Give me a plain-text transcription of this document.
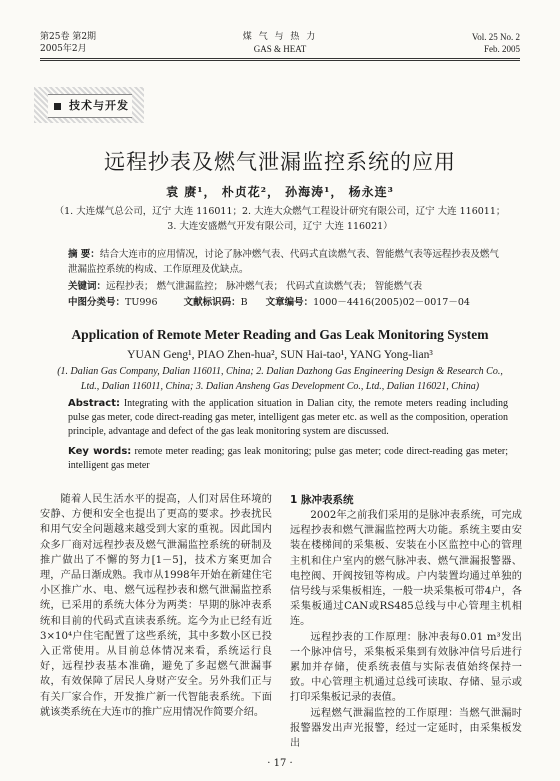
第25卷 第2期
2005年2月
煤 气 与 热 力
GAS & HEAT
Vol. 25 No. 2
Feb. 2005
技术与开发
远程抄表及燃气泄漏监控系统的应用
袁 赓¹， 朴贞花²， 孙海涛¹， 杨永连³
（1. 大连煤气总公司，辽宁 大连 116011；2. 大连大众燃气工程设计研究有限公司，辽宁 大连 116011；
3. 大连安盛燃气开发有限公司，辽宁 大连 116021）
摘 要：结合大连市的应用情况，讨论了脉冲燃气表、代码式直读燃气表、智能燃气表等远程抄表及燃气泄漏监控系统的构成、工作原理及优缺点。
关键词：远程抄表； 燃气泄漏监控； 脉冲燃气表； 代码式直读燃气表； 智能燃气表
中图分类号：TU996	文献标识码：B 文章编号：1000－4416(2005)02－0017－04
Application of Remote Meter Reading and Gas Leak Monitoring System
YUAN Geng¹, PIAO Zhen-hua², SUN Hai-tao¹, YANG Yong-lian³
(1. Dalian Gas Company, Dalian 116011, China; 2. Dalian Dazhong Gas Engineering Design & Research Co.,
Ltd., Dalian 116011, China; 3. Dalian Ansheng Gas Development Co., Ltd., Dalian 116021, China)
Abstract: Integrating with the application situation in Dalian city, the remote meters reading including pulse gas meter, code direct-reading gas meter, intelligent gas meter etc. as well as the composition, operation principle, advantage and defect of the gas leak monitoring system are discussed.
Key words: remote meter reading; gas leak monitoring; pulse gas meter; code direct-reading gas meter; intelligent gas meter

随着人民生活水平的提高，人们对居住环境的安静、方便和安全也提出了更高的要求。抄表扰民和用气安全问题越来越受到大家的重视。因此国内众多厂商对远程抄表及燃气泄漏监控系统的研制及推广做出了不懈的努力[1－5]，技术方案更加合理，产品日渐成熟。我市从1998年开始在新建住宅小区推广水、电、燃气远程抄表和燃气泄漏监控系统，已采用的系统大体分为两类：早期的脉冲表系统和目前的代码式直读表系统。迄今为止已经有近3×10⁴户住宅配置了这些系统，其中多数小区已投入正常使用。从目前总体情况来看，系统运行良好，远程抄表基本准确，避免了多起燃气泄漏事故，有效保障了居民人身财产安全。另外我们正与有关厂家合作，开发推广新一代智能表系统。下面就该类系统在大连市的推广应用情况作简要介绍。

1 脉冲表系统

2002年之前我们采用的是脉冲表系统，可完成远程抄表和燃气泄漏监控两大功能。系统主要由安装在楼梯间的采集板、安装在小区监控中心的管理主机和住户室内的燃气脉冲表、燃气泄漏报警器、电控阀、开阀按钮等构成。户内装置均通过单独的信号线与采集板相连，一般一块采集板可带4户，各采集板通过CAN或RS485总线与中心管理主机相连。

远程抄表的工作原理：脉冲表每0.01 m³发出一个脉冲信号，采集板采集到有效脉冲信号后进行累加并存储，使系统表值与实际表值始终保持一致。中心管理主机通过总线可读取、存储、显示或打印采集板记录的表值。

远程燃气泄漏监控的工作原理：当燃气泄漏时报警器发出声光报警，经过一定延时，由采集板发出

· 17 ·
